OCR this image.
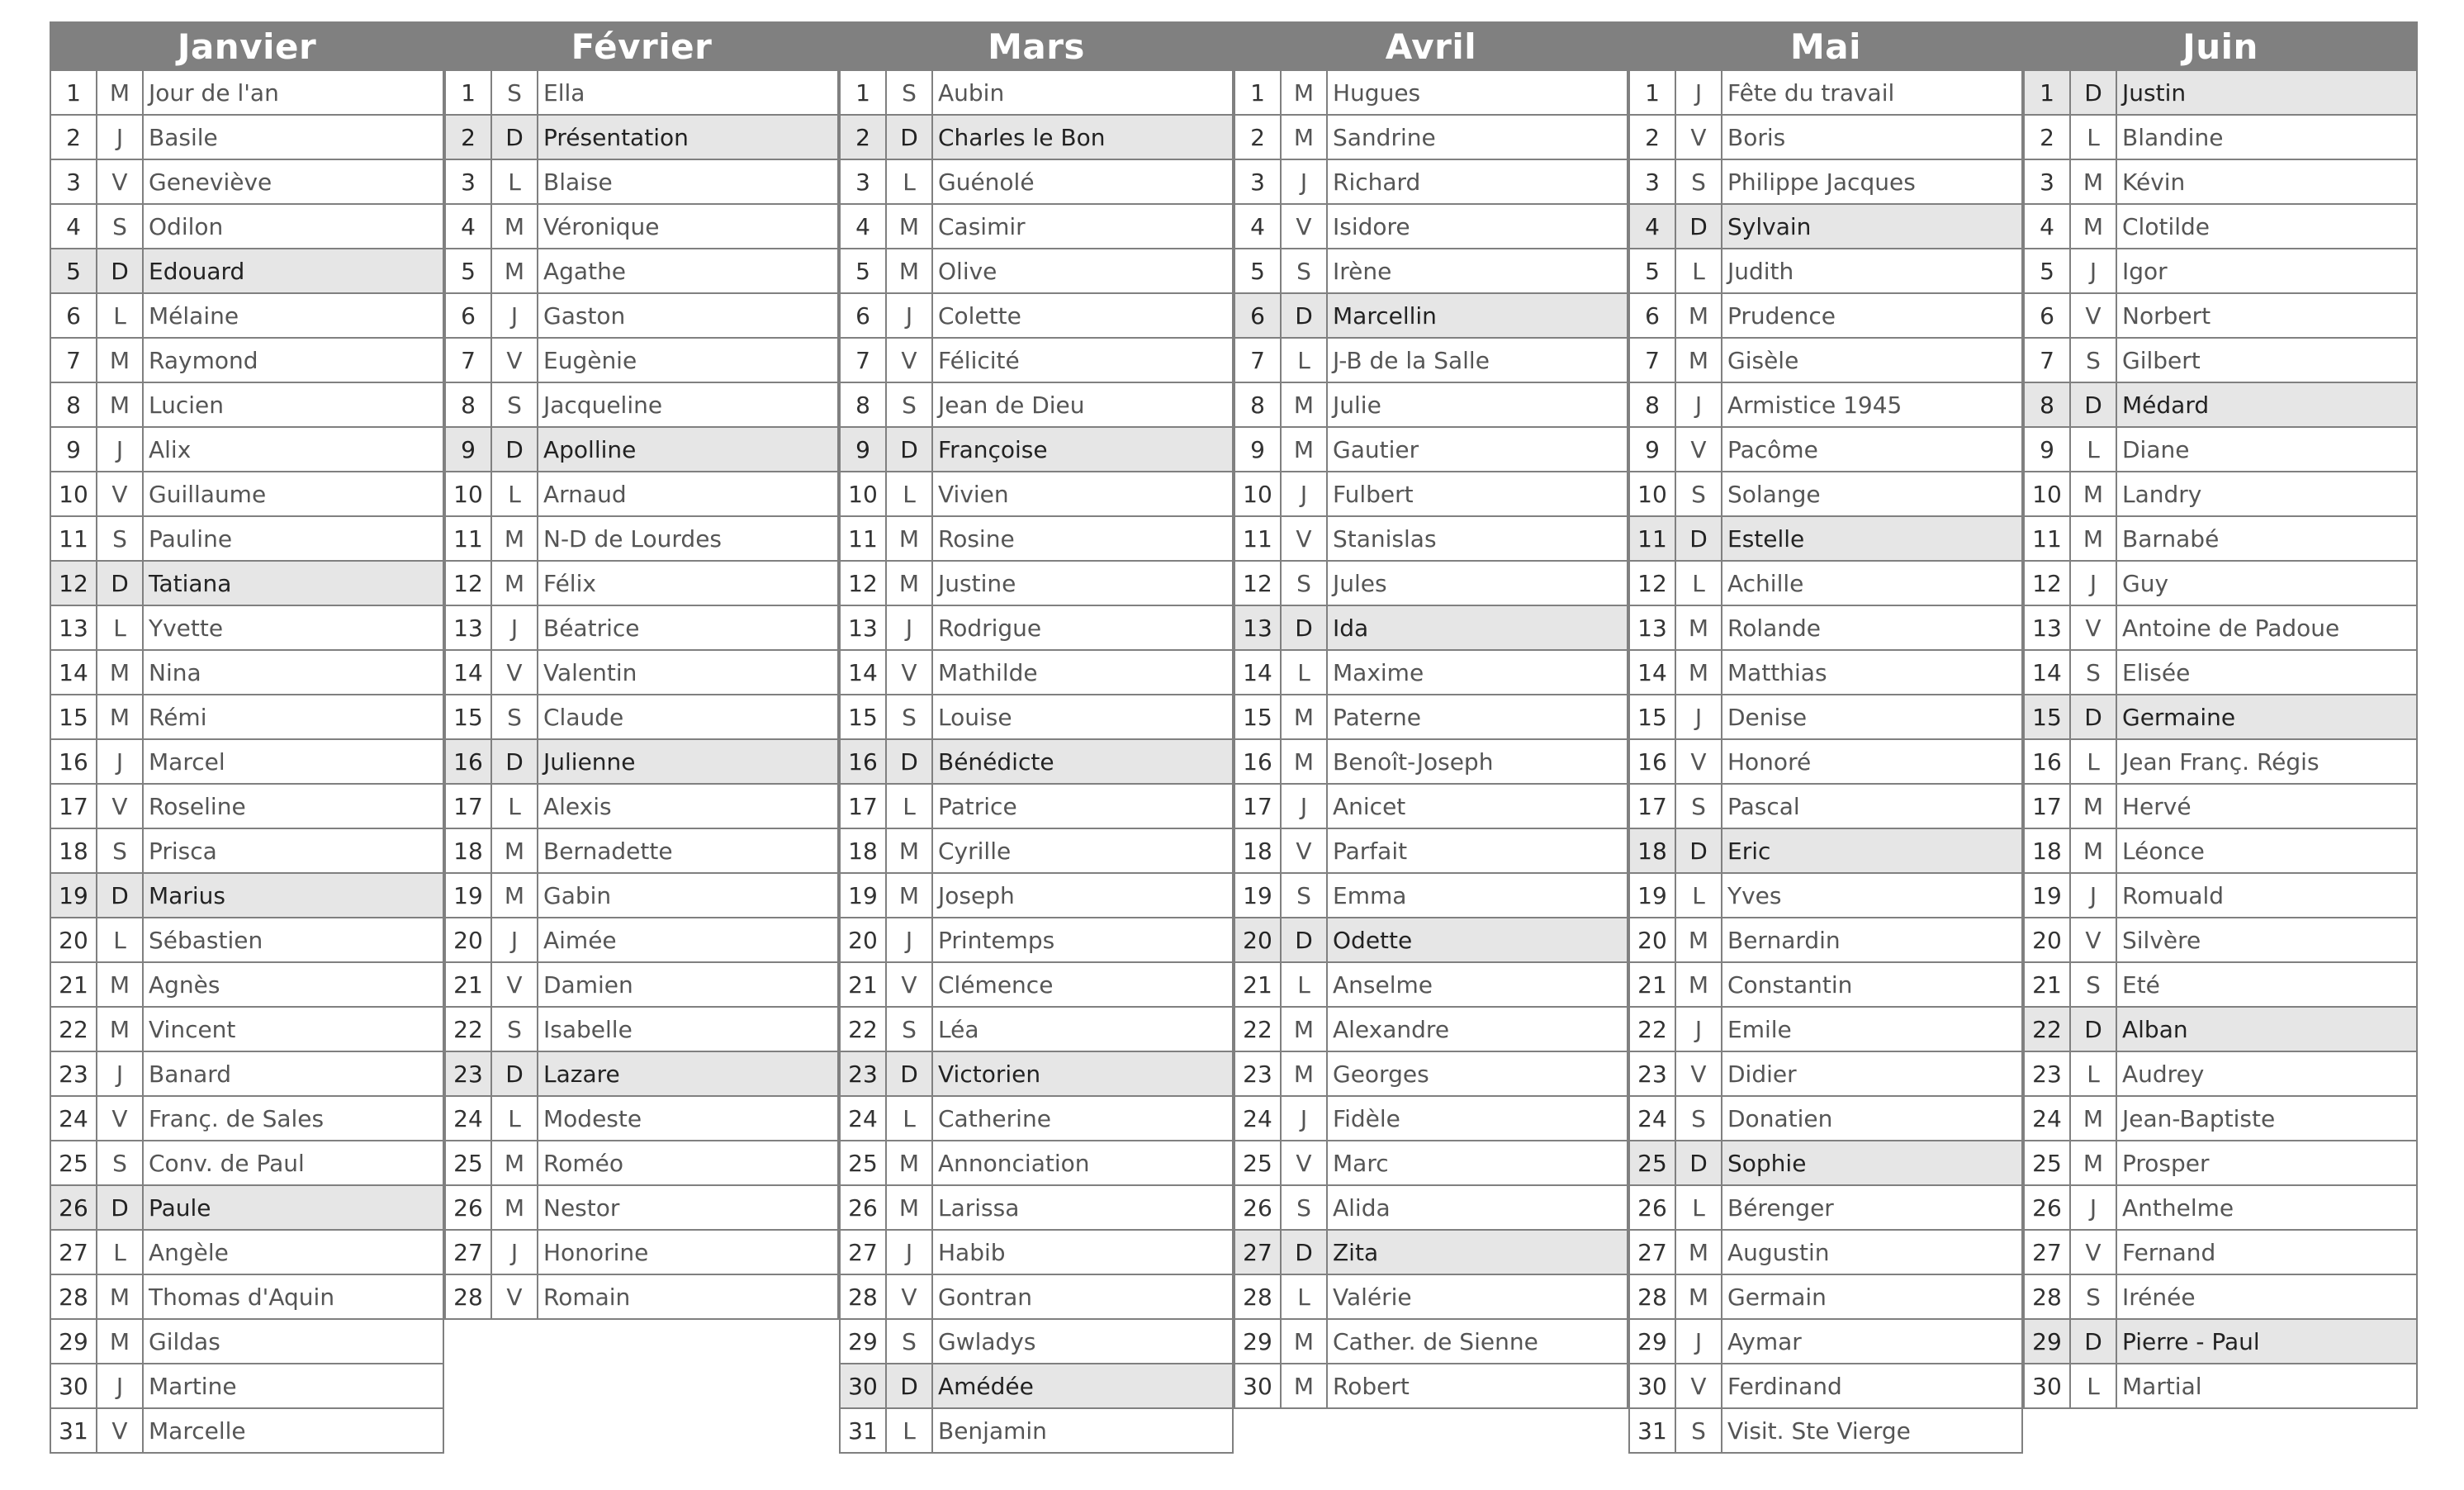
Janvier
1	M Jour de l'an
2	J	Basile
3	V Geneviève
4	S Odilon
5	D Edouard
6	L Mélaine
7	M Raymond
8	M Lucien
9	J	Alix
10	V Guillaume
11	S Pauline
12 D Tatiana
13	L Yvette
14 M Nina
15 M Rémi
16	J	Marcel
17	V Roseline
18	S Prisca
19 D Marius
20	L Sébastien
21 M Agnès
22 M Vincent
23	J	Banard
24	V Franç. de Sales
25	S Conv. de Paul
26 D Paule
27	L Angèle
28 M Thomas d'Aquin
29 M Gildas
30	J	Martine
31	V Marcelle
Février
1	S Ella
2	D Présentation
3	L Blaise
4	M Véronique
5	M Agathe
6	J	Gaston
7	V Eugènie
8	S Jacqueline
9	D Apolline
10	L Arnaud
11 M N-D de Lourdes
12 M Félix
13	J	Béatrice
14	V Valentin
15	S Claude
16 D Julienne
17	L Alexis
18 M Bernadette
19 M Gabin
20	J	Aimée
21	V Damien
22	S Isabelle
23 D Lazare
24	L Modeste
25 M Roméo
26 M Nestor
27	J	Honorine
28	V Romain
Mars
1	S Aubin
2	D Charles le Bon
3	L Guénolé
4	M Casimir
5	M Olive
6	J	Colette
7	V Félicité
8	S Jean de Dieu
9	D Françoise
10	L Vivien
11 M Rosine
12 M Justine
13	J	Rodrigue
14	V Mathilde
15	S Louise
16 D Bénédicte
17	L Patrice
18 M Cyrille
19 M Joseph
20	J	Printemps
21	V Clémence
22	S Léa
23 D Victorien
24	L Catherine
25 M Annonciation
26 M Larissa
27	J	Habib
28	V Gontran
29	S Gwladys
30 D Amédée
31	L Benjamin
Avril
1	M Hugues
2	M Sandrine
3	J	Richard
4	V Isidore
5	S Irène
6	D Marcellin
7	L J-B de la Salle
8	M Julie
9	M Gautier
10	J	Fulbert
11	V Stanislas
12	S Jules
13 D Ida
14	L Maxime
15 M Paterne
16 M Benoît-Joseph
17	J	Anicet
18	V Parfait
19	S Emma
20 D Odette
21	L Anselme
22 M Alexandre
23 M Georges
24	J	Fidèle
25	V Marc
26	S Alida
27 D Zita
28	L Valérie
29 M Cather. de Sienne
30 M Robert
Mai
1	J	Fête du travail
2	V Boris
3	S Philippe Jacques
4	D Sylvain
5	L Judith
6	M Prudence
7	M Gisèle
8	J	Armistice 1945
9	V Pacôme
10	S Solange
11 D Estelle
12	L Achille
13 M Rolande
14 M Matthias
15	J	Denise
16	V Honoré
17	S Pascal
18 D Eric
19	L Yves
20 M Bernardin
21 M Constantin
22	J	Emile
23	V Didier
24	S Donatien
25 D Sophie
26	L Bérenger
27 M Augustin
28 M Germain
29	J	Aymar
30	V Ferdinand
31	S Visit. Ste Vierge
Juin
1	D Justin
2	L Blandine
3	M Kévin
4	M Clotilde
5	J	Igor
6	V Norbert
7	S Gilbert
8	D Médard
9	L Diane
10 M Landry
11 M Barnabé
12	J	Guy
13	V Antoine de Padoue
14	S Elisée
15 D Germaine
16	L Jean Franç. Régis
17 M Hervé
18 M Léonce
19	J	Romuald
20	V Silvère
21	S Eté
22 D Alban
23	L Audrey
24 M Jean-Baptiste
25 M Prosper
26	J	Anthelme
27	V Fernand
28	S Irénée
29 D Pierre - Paul
30	L Martial
